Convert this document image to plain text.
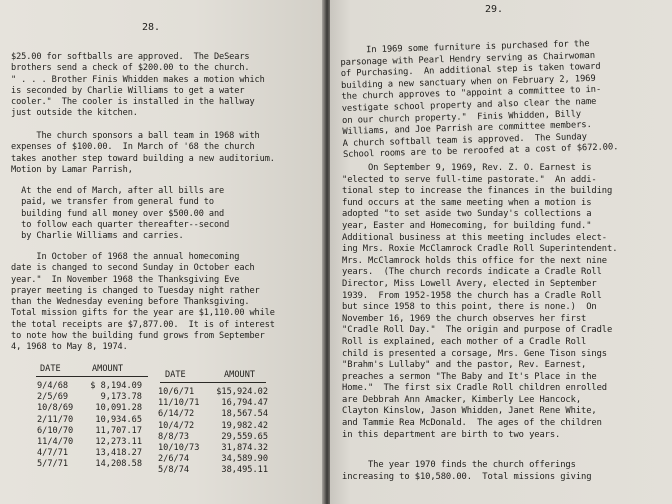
28.
$25.00 for softballs are approved.  The DeSears
brothers send a check of $200.00 to the church.
" . . . Brother Finis Whidden makes a motion which
is seconded by Charlie Williams to get a water
cooler."  The cooler is installed in the hallway
just outside the kitchen.
The church sponsors a ball team in 1968 with
expenses of $100.00.  In March of '68 the church
takes another step toward building a new auditorium.
Motion by Lamar Parrish,
At the end of March, after all bills are
paid, we transfer from general fund to
building fund all money over $500.00 and
to follow each quarter thereafter--second
by Charlie Williams and carries.
In October of 1968 the annual homecoming
date is changed to second Sunday in October each
year."  In November 1968 the Thanksgiving Eve
prayer meeting is changed to Tuesday night rather
than the Wednesday evening before Thanksgiving.
Total mission gifts for the year are $1,110.00 while
the total receipts are $7,877.00.  It is of interest
to note how the building fund grows from September
4, 1968 to May 8, 1974.
DATE	AMOUNT
DATE	AMOUNT
9/4/68	$ 8,194.09
10/6/71	$15,924.02
2/5/69	9,173.78
11/10/71	16,794.47
10/8/69	10,091.28
6/14/72	18,567.54
2/11/70	10,934.65
10/4/72	19,982.42
6/10/70	11,707.17
8/8/73	29,559.65
11/4/70	12,273.11
10/10/73	31,874.32
4/7/71	13,418.27
2/6/74	34,589.90
5/7/71	14,208.58
5/8/74	38,495.11
29.
In 1969 some furniture is purchased for the
parsonage with Pearl Hendry serving as Chairwoman
of Purchasing.  An additional step is taken toward
building a new sanctuary when on February 2, 1969
the church approves to "appoint a committee to in-
vestigate school property and also clear the name
on our church property."  Finis Whidden, Billy
Williams, and Joe Parrish are committee members.
A church softball team is approved.  The Sunday
School rooms are to be reroofed at a cost of $672.00.
On September 9, 1969, Rev. Z. O. Earnest is
"elected to serve full-time pastorate."  An addi-
tional step to increase the finances in the building
fund occurs at the same meeting when a motion is
adopted "to set aside two Sunday's collections a
year, Easter and Homecoming, for building fund."
Additional business at this meeting includes elect-
ing Mrs. Roxie McClamrock Cradle Roll Superintendent.
Mrs. McClamrock holds this office for the next nine
years.  (The church records indicate a Cradle Roll
Director, Miss Lowell Avery, elected in September
1939.  From 1952-1958 the church has a Cradle Roll
but since 1958 to this point, there is none.)  On
November 16, 1969 the church observes her first
"Cradle Roll Day."  The origin and purpose of Cradle
Roll is explained, each mother of a Cradle Roll
child is presented a corsage, Mrs. Gene Tison sings
"Brahm's Lullaby" and the pastor, Rev. Earnest,
preaches a sermon "The Baby and It's Place in the
Home."  The first six Cradle Roll children enrolled
are Debbrah Ann Amacker, Kimberly Lee Hancock,
Clayton Kinslow, Jason Whidden, Janet Rene White,
and Tammie Rea McDonald.  The ages of the children
in this department are birth to two years.
The year 1970 finds the church offerings
increasing to $10,580.00.  Total missions giving
